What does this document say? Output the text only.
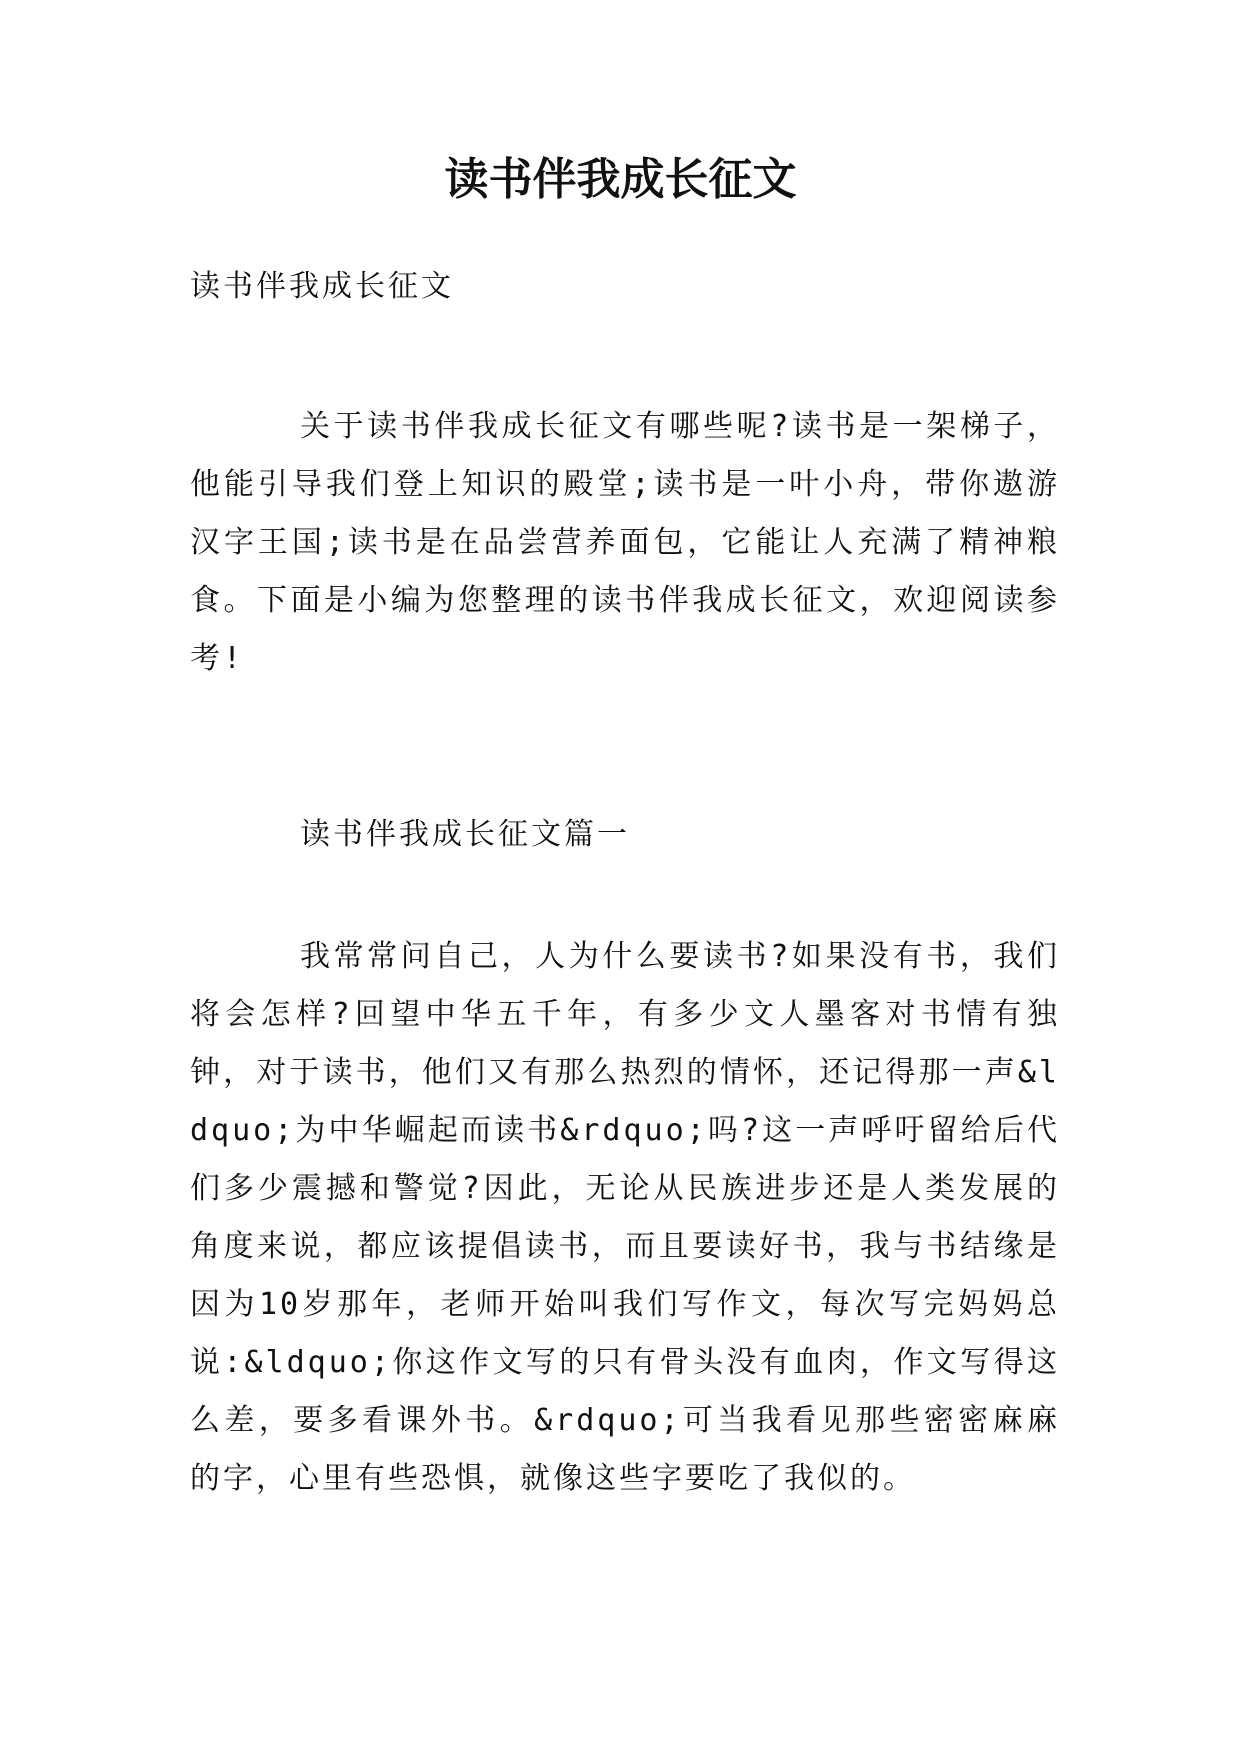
读书伴我成长征文

读书伴我成长征文

关于读书伴我成长征文有哪些呢?读书是一架梯子，他能引导我们登上知识的殿堂;读书是一叶小舟，带你遨游汉字王国;读书是在品尝营养面包，它能让人充满了精神粮食。下面是小编为您整理的读书伴我成长征文，欢迎阅读参考!

读书伴我成长征文篇一

我常常问自己，人为什么要读书?如果没有书，我们将会怎样?回望中华五千年，有多少文人墨客对书情有独钟，对于读书，他们又有那么热烈的情怀，还记得那一声&ldquo;为中华崛起而读书&rdquo;吗?这一声呼吁留给后代们多少震撼和警觉?因此，无论从民族进步还是人类发展的角度来说，都应该提倡读书，而且要读好书，我与书结缘是因为10岁那年，老师开始叫我们写作文，每次写完妈妈总说:&ldquo;你这作文写的只有骨头没有血肉，作文写得这么差，要多看课外书。&rdquo;可当我看见那些密密麻麻的字，心里有些恐惧，就像这些字要吃了我似的。
